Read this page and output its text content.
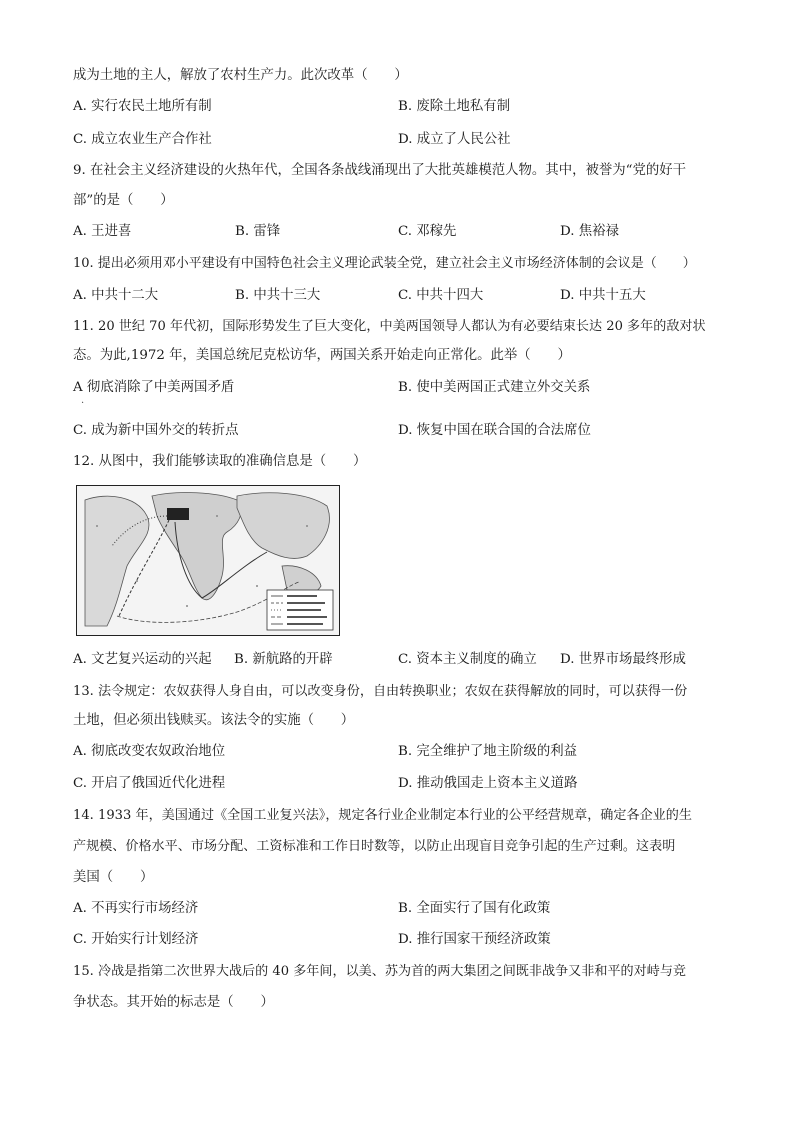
成为土地的主人，解放了农村生产力。此次改革（　　）
A. 实行农民土地所有制	B. 废除土地私有制
C. 成立农业生产合作社	D. 成立了人民公社
9. 在社会主义经济建设的火热年代，全国各条战线涌现出了大批英雄模范人物。其中，被誉为“党的好干
部”的是（　　）
A. 王进喜	B. 雷锋	C. 邓稼先	D. 焦裕禄
10. 提出必须用邓小平建设有中国特色社会主义理论武装全党，建立社会主义市场经济体制的会议是（　　）
A. 中共十二大	B. 中共十三大	C. 中共十四大	D. 中共十五大
11. 20 世纪 70 年代初，国际形势发生了巨大变化，中美两国领导人都认为有必要结束长达 20 多年的敌对状
态。为此,1972 年，美国总统尼克松访华，两国关系开始走向正常化。此举（　　）
A 彻底消除了中美两国矛盾	B. 使中美两国正式建立外交关系
·
C. 成为新中国外交的转折点	D. 恢复中国在联合国的合法席位
12. 从图中，我们能够读取的准确信息是（　　）
A. 文艺复兴运动的兴起 B. 新航路的开辟	C. 资本主义制度的确立 D. 世界市场最终形成
13. 法令规定：农奴获得人身自由，可以改变身份，自由转换职业；农奴在获得解放的同时，可以获得一份
土地，但必须出钱赎买。该法令的实施（　　）
A. 彻底改变农奴政治地位	B. 完全维护了地主阶级的利益
C. 开启了俄国近代化进程	D. 推动俄国走上资本主义道路
14. 1933 年，美国通过《全国工业复兴法》，规定各行业企业制定本行业的公平经营规章，确定各企业的生
产规模、价格水平、市场分配、工资标准和工作日时数等，以防止出现盲目竞争引起的生产过剩。这表明
美国（　　）
A. 不再实行市场经济	B. 全面实行了国有化政策
C. 开始实行计划经济	D. 推行国家干预经济政策
15. 冷战是指第二次世界大战后的 40 多年间，以美、苏为首的两大集团之间既非战争又非和平的对峙与竞
争状态。其开始的标志是（　　）
